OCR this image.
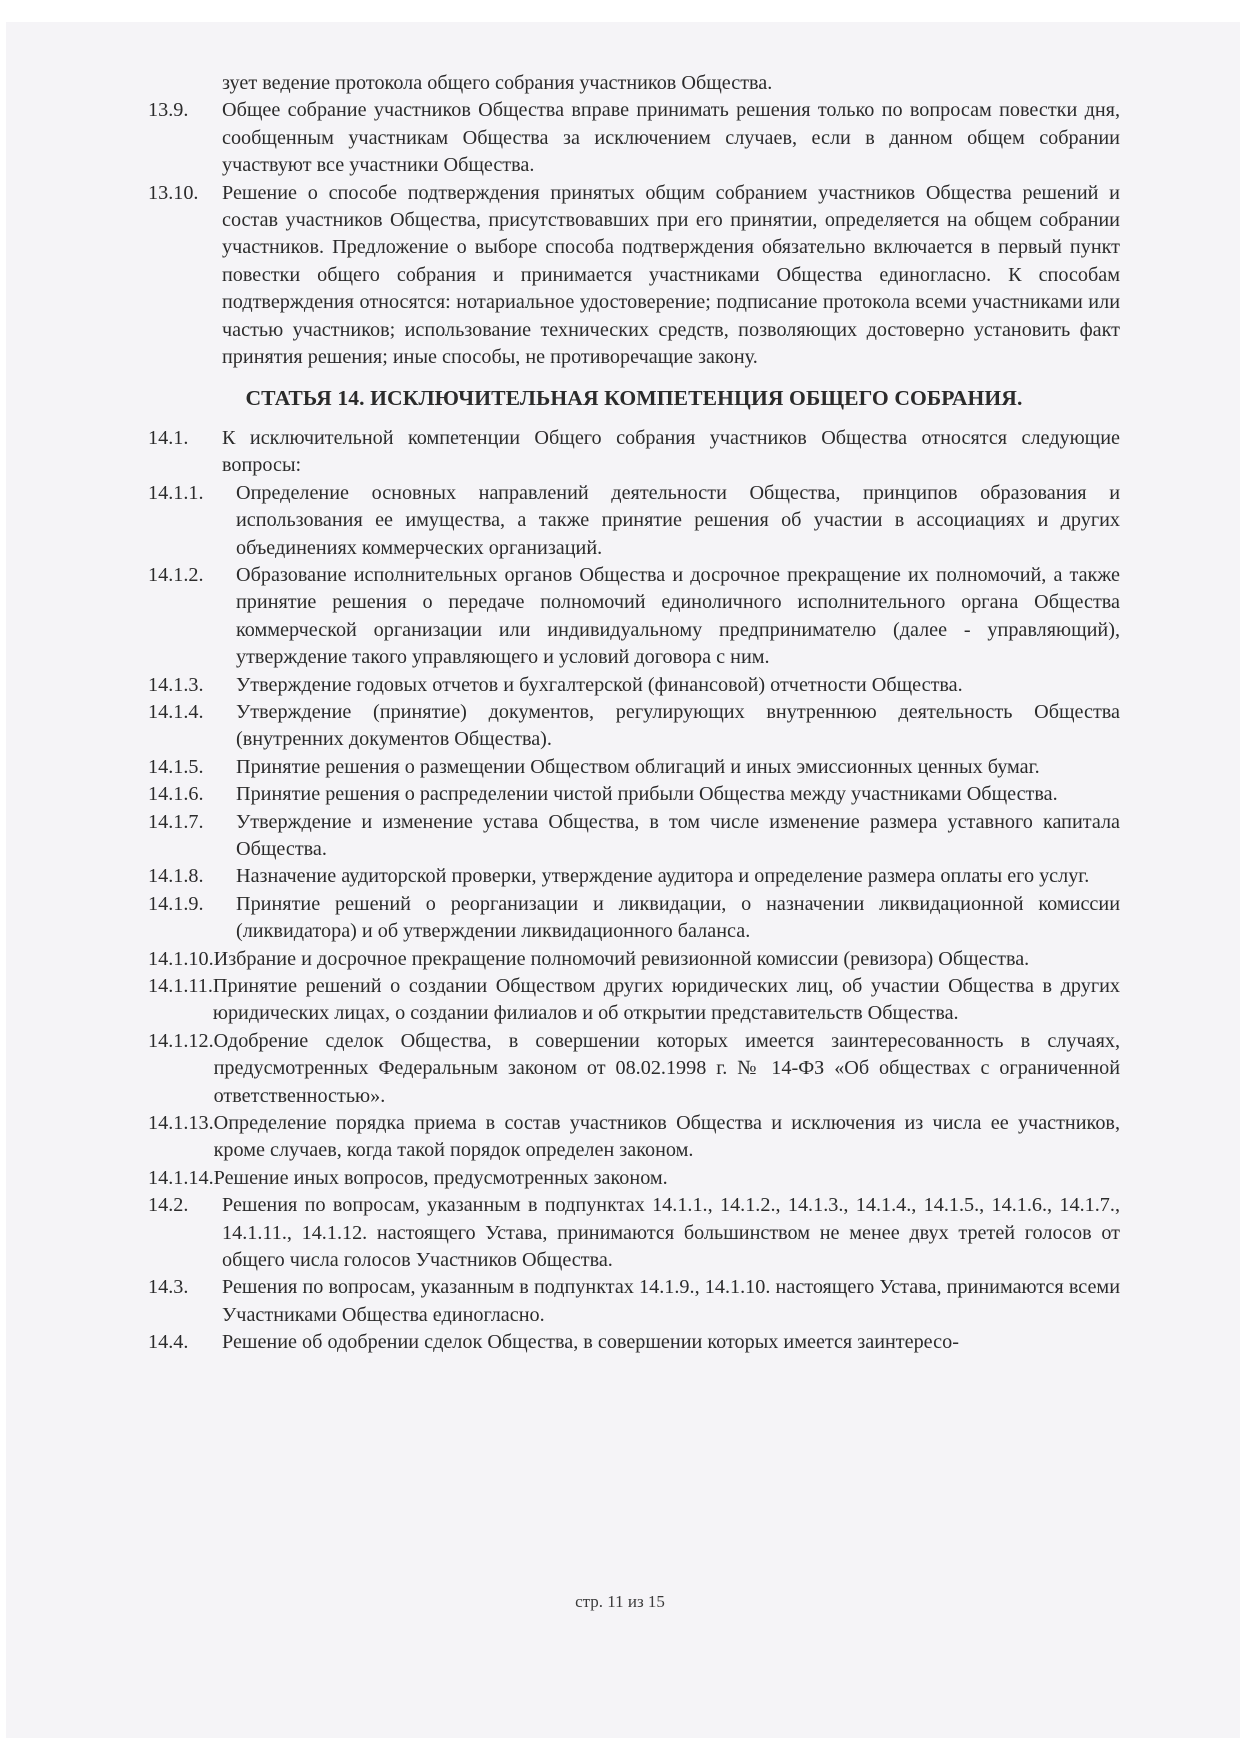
зует ведение протокола общего собрания участников Общества.
13.9.	Общее собрание участников Общества вправе принимать решения только по вопросам повестки дня, сообщенным участникам Общества за исключением случаев, если в данном общем собрании участвуют все участники Общества.
13.10.	Решение о способе подтверждения принятых общим собранием участников Общества решений и состав участников Общества, присутствовавших при его принятии, определяется на общем собрании участников. Предложение о выборе способа подтверждения обязательно включается в первый пункт повестки общего собрания и принимается участниками Общества единогласно. К способам подтверждения относятся: нотариальное удостоверение; подписание протокола всеми участниками или частью участников; использование технических средств, позволяющих достоверно установить факт принятия решения; иные способы, не противоречащие закону.
СТАТЬЯ 14. ИСКЛЮЧИТЕЛЬНАЯ КОМПЕТЕНЦИЯ ОБЩЕГО СОБРАНИЯ.
14.1.	К исключительной компетенции Общего собрания участников Общества относятся следующие вопросы:
14.1.1.	Определение основных направлений деятельности Общества, принципов образования и использования ее имущества, а также принятие решения об участии в ассоциациях и других объединениях коммерческих организаций.
14.1.2.	Образование исполнительных органов Общества и досрочное прекращение их полномочий, а также принятие решения о передаче полномочий единоличного исполнительного органа Общества коммерческой организации или индивидуальному предпринимателю (далее - управляющий), утверждение такого управляющего и условий договора с ним.
14.1.3.	Утверждение годовых отчетов и бухгалтерской (финансовой) отчетности Общества.
14.1.4.	Утверждение (принятие) документов, регулирующих внутреннюю деятельность Общества (внутренних документов Общества).
14.1.5.	Принятие решения о размещении Обществом облигаций и иных эмиссионных ценных бумаг.
14.1.6.	Принятие решения о распределении чистой прибыли Общества между участниками Общества.
14.1.7.	Утверждение и изменение устава Общества, в том числе изменение размера уставного капитала Общества.
14.1.8.	Назначение аудиторской проверки, утверждение аудитора и определение размера оплаты его услуг.
14.1.9.	Принятие решений о реорганизации и ликвидации, о назначении ликвидационной комиссии (ликвидатора) и об утверждении ликвидационного баланса.
14.1.10. Избрание и досрочное прекращение полномочий ревизионной комиссии (ревизора) Общества.
14.1.11. Принятие решений о создании Обществом других юридических лиц, об участии Общества в других юридических лицах, о создании филиалов и об открытии представительств Общества.
14.1.12. Одобрение сделок Общества, в совершении которых имеется заинтересованность в случаях, предусмотренных Федеральным законом от 08.02.1998 г. № 14-ФЗ «Об обществах с ограниченной ответственностью».
14.1.13. Определение порядка приема в состав участников Общества и исключения из числа ее участников, кроме случаев, когда такой порядок определен законом.
14.1.14. Решение иных вопросов, предусмотренных законом.
14.2.	Решения по вопросам, указанным в подпунктах 14.1.1., 14.1.2., 14.1.3., 14.1.4., 14.1.5., 14.1.6., 14.1.7., 14.1.11., 14.1.12. настоящего Устава, принимаются большинством не менее двух третей голосов от общего числа голосов Участников Общества.
14.3.	Решения по вопросам, указанным в подпунктах 14.1.9., 14.1.10. настоящего Устава, принимаются всеми Участниками Общества единогласно.
14.4.	Решение об одобрении сделок Общества, в совершении которых имеется заинтересо-
стр. 11 из 15
